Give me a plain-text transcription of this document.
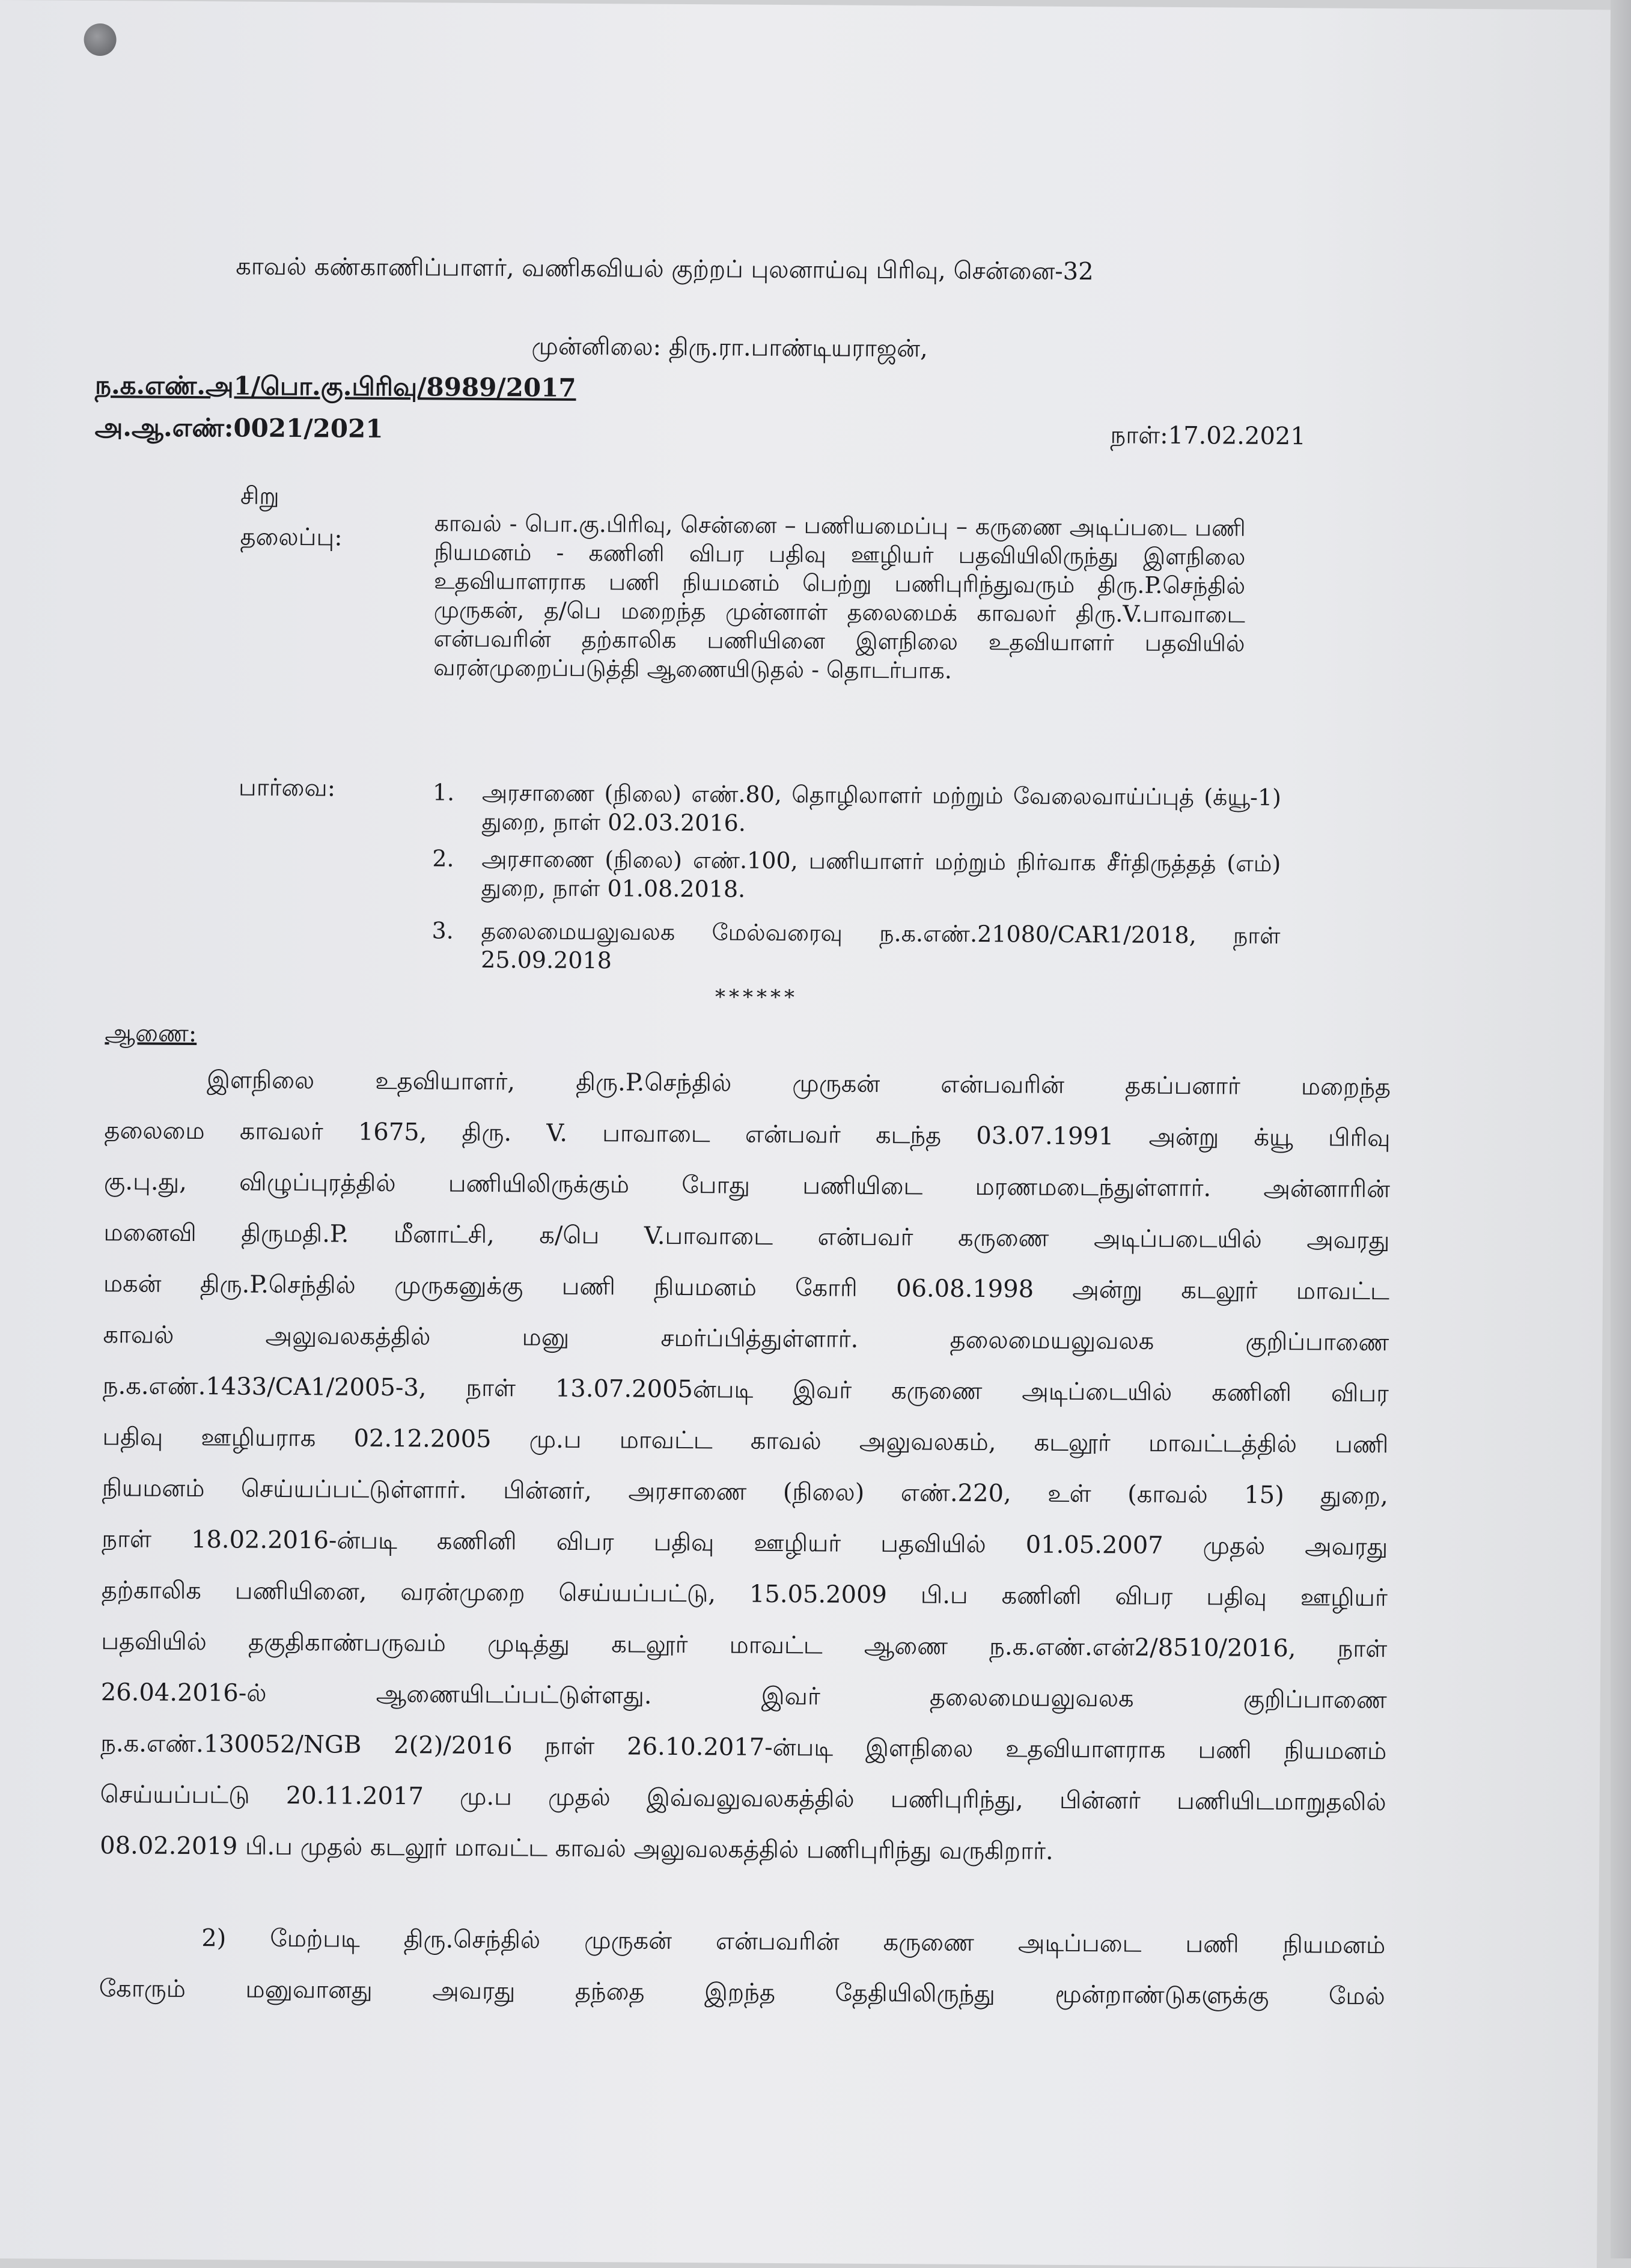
காவல் கண்காணிப்பாளர், வணிகவியல் குற்றப் புலனாய்வு பிரிவு, சென்னை-32
முன்னிலை: திரு.ரா.பாண்டியராஜன்,
ந.க.எண்.அ1/பொ.கு.பிரிவு/8989/2017
அ.ஆ.எண்:0021/2021	நாள்:17.02.2021
சிறு
தலைப்பு:	காவல் - பொ.கு.பிரிவு, சென்னை – பணியமைப்பு – கருணை அடிப்படை பணி நியமனம் - கணினி விபர பதிவு ஊழியர் பதவியிலிருந்து இளநிலை உதவியாளராக பணி நியமனம் பெற்று பணிபுரிந்துவரும் திரு.P.செந்தில் முருகன், த/பெ மறைந்த முன்னாள் தலைமைக் காவலர் திரு.V.பாவாடை என்பவரின் தற்காலிக பணியினை இளநிலை உதவியாளர் பதவியில் வரன்முறைப்படுத்தி ஆணையிடுதல் - தொடர்பாக.
பார்வை:	1. அரசாணை (நிலை) எண்.80, தொழிலாளர் மற்றும் வேலைவாய்ப்புத் (க்யூ-1) துறை, நாள் 02.03.2016.
2. அரசாணை (நிலை) எண்.100, பணியாளர் மற்றும் நிர்வாக சீர்திருத்தத் (எம்) துறை, நாள் 01.08.2018.
3. தலைமையலுவலக மேல்வரைவு ந.க.எண்.21080/CAR1/2018, நாள் 25.09.2018
******
ஆணை:
இளநிலை உதவியாளர், திரு.P.செந்தில் முருகன் என்பவரின் தகப்பனார் மறைந்த
தலைமை காவலர் 1675, திரு. V. பாவாடை என்பவர் கடந்த 03.07.1991 அன்று க்யூ பிரிவு
கு.பு.து, விழுப்புரத்தில் பணியிலிருக்கும் போது பணியிடை மரணமடைந்துள்ளார். அன்னாரின்
மனைவி திருமதி.P. மீனாட்சி, க/பெ V.பாவாடை என்பவர் கருணை அடிப்படையில் அவரது
மகன் திரு.P.செந்தில் முருகனுக்கு பணி நியமனம் கோரி 06.08.1998 அன்று கடலூர் மாவட்ட
காவல் அலுவலகத்தில் மனு சமர்ப்பித்துள்ளார். தலைமையலுவலக குறிப்பாணை
ந.க.எண்.1433/CA1/2005-3, நாள் 13.07.2005ன்படி இவர் கருணை அடிப்டையில் கணினி விபர
பதிவு ஊழியராக 02.12.2005 மு.ப மாவட்ட காவல் அலுவலகம், கடலூர் மாவட்டத்தில் பணி
நியமனம் செய்யப்பட்டுள்ளார். பின்னர், அரசாணை (நிலை) எண்.220, உள் (காவல் 15) துறை,
நாள் 18.02.2016-ன்படி கணினி விபர பதிவு ஊழியர் பதவியில் 01.05.2007 முதல் அவரது
தற்காலிக பணியினை, வரன்முறை செய்யப்பட்டு, 15.05.2009 பி.ப கணினி விபர பதிவு ஊழியர்
பதவியில் தகுதிகாண்பருவம் முடித்து கடலூர் மாவட்ட ஆணை ந.க.எண்.என்2/8510/2016, நாள்
26.04.2016-ல் ஆணையிடப்பட்டுள்ளது. இவர் தலைமையலுவலக குறிப்பாணை
ந.க.எண்.130052/NGB 2(2)/2016 நாள் 26.10.2017-ன்படி இளநிலை உதவியாளராக பணி நியமனம்
செய்யப்பட்டு 20.11.2017 மு.ப முதல் இவ்வலுவலகத்தில் பணிபுரிந்து, பின்னர் பணியிடமாறுதலில்
08.02.2019 பி.ப முதல் கடலூர் மாவட்ட காவல் அலுவலகத்தில் பணிபுரிந்து வருகிறார்.
2) மேற்படி திரு.செந்தில் முருகன் என்பவரின் கருணை அடிப்படை பணி நியமனம்
கோரும் மனுவானது அவரது தந்தை இறந்த தேதியிலிருந்து மூன்றாண்டுகளுக்கு மேல்
